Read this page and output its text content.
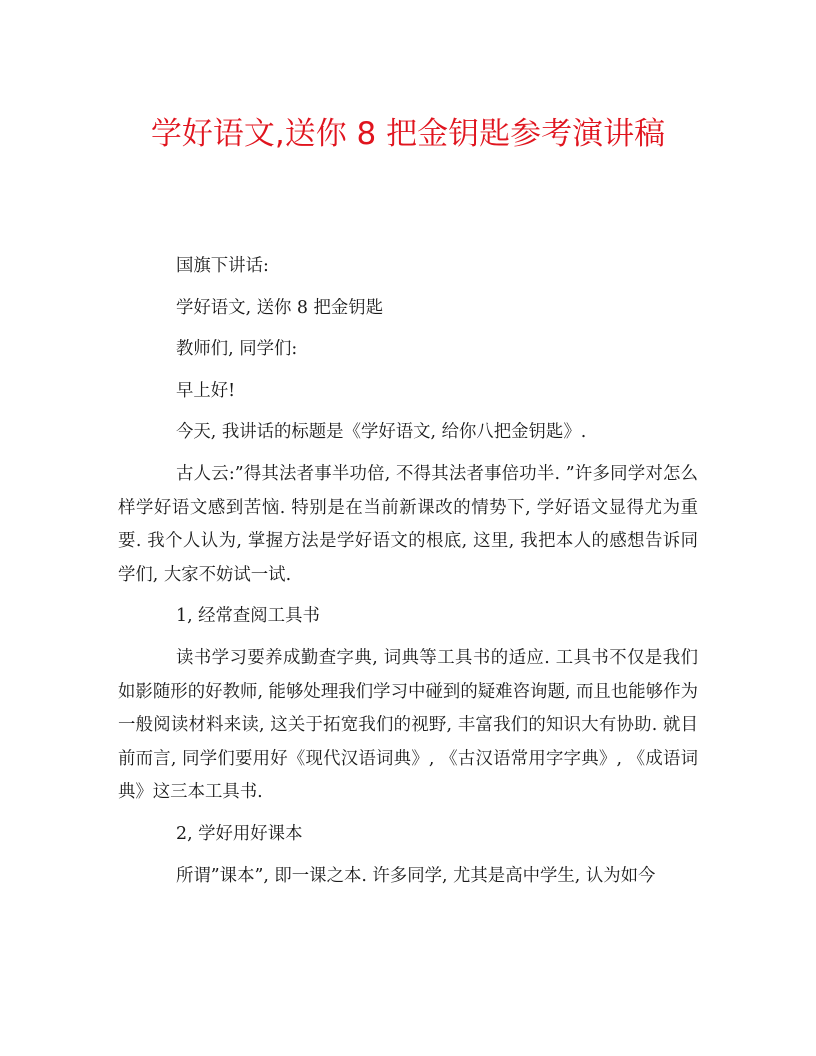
学好语文,送你 8 把金钥匙参考演讲稿

国旗下讲话:

学好语文, 送你 8 把金钥匙

教师们, 同学们:

早上好!

今天, 我讲话的标题是《学好语文, 给你八把金钥匙》.

古人云:”得其法者事半功倍, 不得其法者事倍功半. ”许多同学对怎么样学好语文感到苦恼. 特别是在当前新课改的情势下, 学好语文显得尤为重要. 我个人认为, 掌握方法是学好语文的根底, 这里, 我把本人的感想告诉同学们, 大家不妨试一试.

1, 经常查阅工具书

读书学习要养成勤查字典, 词典等工具书的适应. 工具书不仅是我们如影随形的好教师, 能够处理我们学习中碰到的疑难咨询题, 而且也能够作为一般阅读材料来读, 这关于拓宽我们的视野, 丰富我们的知识大有协助. 就目前而言, 同学们要用好《现代汉语词典》, 《古汉语常用字字典》, 《成语词典》这三本工具书.

2, 学好用好课本

所谓”课本”, 即一课之本. 许多同学, 尤其是高中学生, 认为如今
